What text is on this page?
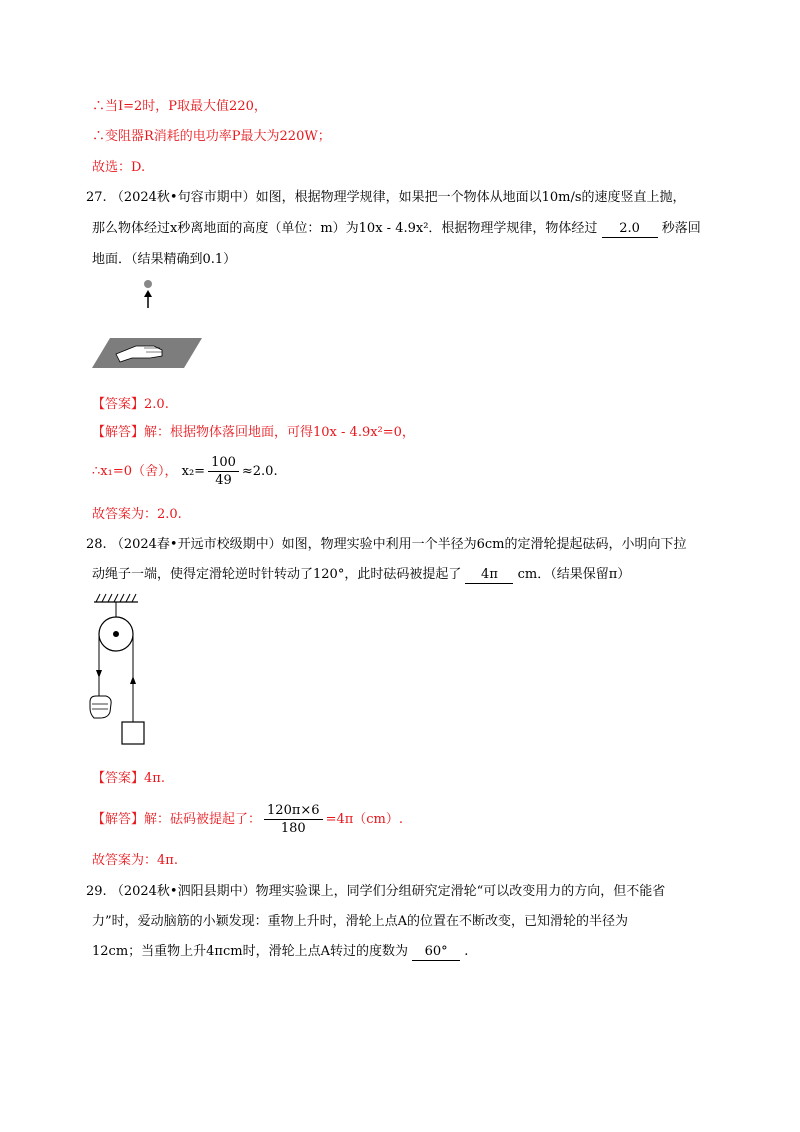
∴当I=2时，P取最大值220，
∴变阻器R消耗的电功率P最大为220W；
故选：D.
27. （2024秋•句容市期中）如图，根据物理学规律，如果把一个物体从地面以10m/s的速度竖直上抛，
那么物体经过x秒离地面的高度（单位：m）为10x - 4.9x²．根据物理学规律，物体经过 2.0 秒落回
地面．（结果精确到0.1）
【答案】2.0.
【解答】解：根据物体落回地面，可得10x - 4.9x²=0，
∴x₁=0（舍）， $x_2= \frac{100}{49} \approx 2.0$.
故答案为：2.0.
28. （2024春•开远市校级期中）如图，物理实验中利用一个半径为6cm的定滑轮提起砝码，小明向下拉
动绳子一端，使得定滑轮逆时针转动了120°，此时砝码被提起了 4π cm．（结果保留π）
【答案】4π.
【解答】解：砝码被提起了： $\frac{120\pi\times 6}{180} =4\pi(cm)$.
故答案为：4π.
29. （2024秋•泗阳县期中）物理实验课上，同学们分组研究定滑轮“可以改变用力的方向，但不能省
力”时，爱动脑筋的小颖发现：重物上升时，滑轮上点A的位置在不断改变，已知滑轮的半径为
12cm；当重物上升4πcm时，滑轮上点A转过的度数为 60° .
